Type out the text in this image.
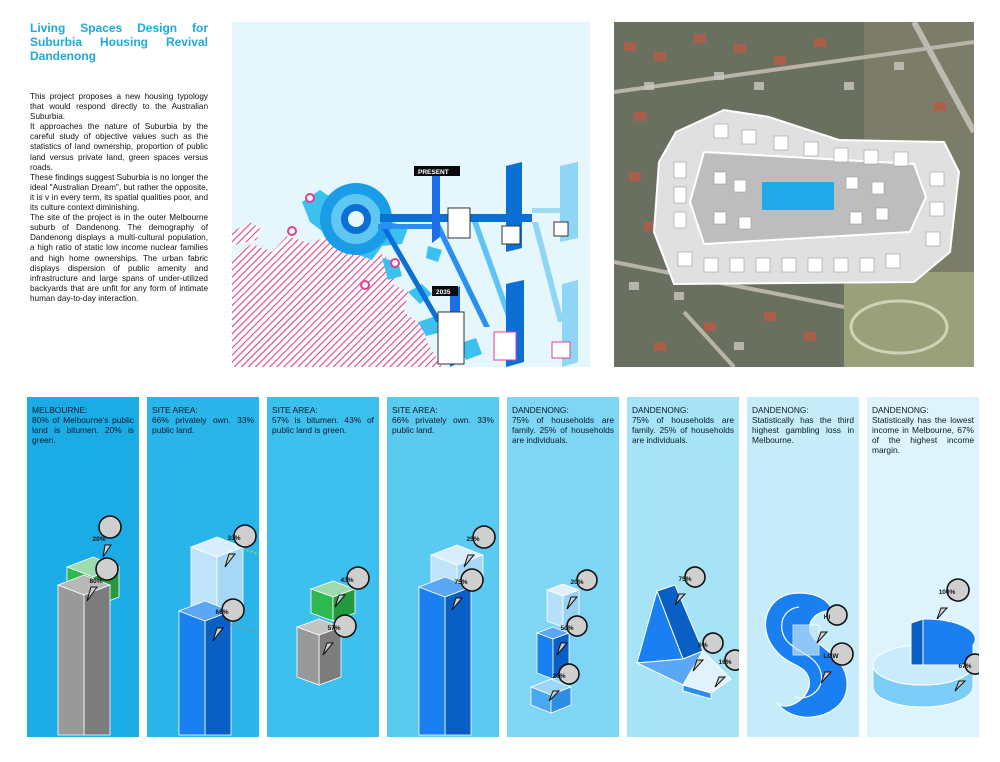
Living Spaces Design for
Suburbia Housing Revival
Dandenong

This project proposes a new housing typology that would respond directly to the Australian Suburbia.

It approaches the nature of Suburbia by the careful study of objective values such as the statistics of land ownership, proportion of public land versus private land, green spaces versus roads.

These findings suggest Suburbia is no longer the ideal "Australian Dream", but rather the opposite, it is v in every term, its spatial qualities poor, and its culture context diminishing.

The site of the project is in the outer Melbourne suburb of Dandenong. The demography of Dandenong displays a multi-cultural population, a high ratio of static low income nuclear families and high home ownerships. The urban fabric displays dispersion of public amenity and infrastructure and large spans of under-utilized backyards that are unfit for any form of intimate human day-to-day interaction.

PRESENT
2035
20%
80%
MELBOURNE:
80% of Melbourne's public land is bitumen. 20% is green.
33%
66%
SITE AREA:
66% privately own. 33% public land.
43%
57%
SITE AREA:
57% is bitumen. 43% of public land is green.
25%
75%
SITE AREA:
66% privately own. 33% public land.
20%
50%
20%
DANDENONG:
75% of households are family. 25% of households are individuals.
75%
6%
16%
DANDENONG:
75% of households are family. 25% of households are individuals.
HI
LOW
DANDENONG:
Statistically has the third highest gambling loss in Melbourne.
100%
67%
DANDENONG:
Statistically has the lowest income in Melbourne, 67% of the highest income margin.
